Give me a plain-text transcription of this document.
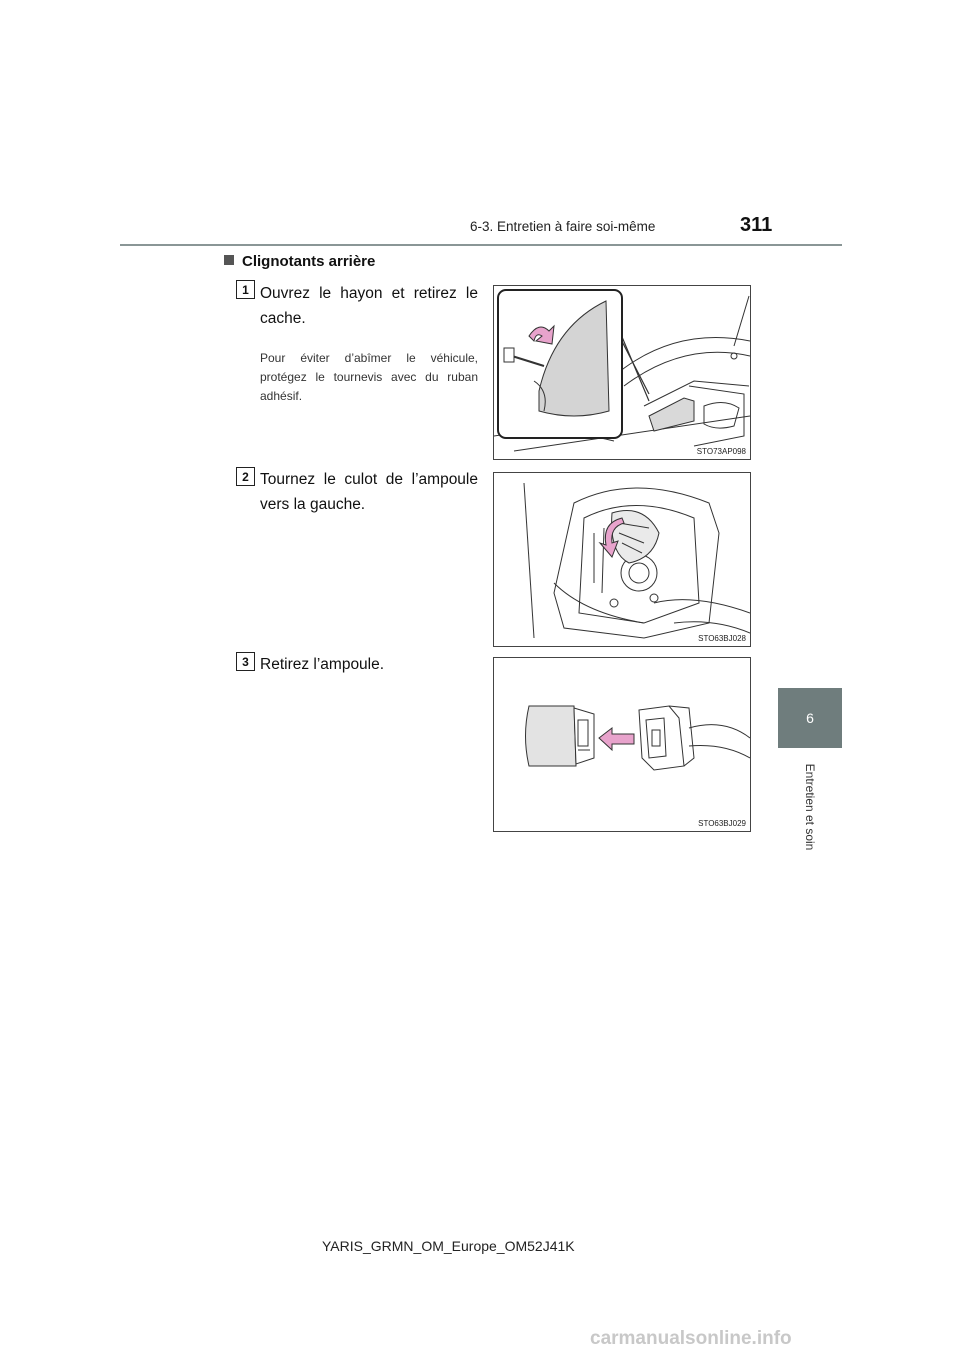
6-3. Entretien à faire soi-même	311
6
Entretien et soin
Clignotants arrière
1 Ouvrez le hayon et retirez le cache.
Pour éviter d’abîmer le véhicule, protégez le tournevis avec du ruban adhésif.
STO73AP098
2 Tournez le culot de l’ampoule vers la gauche.
STO63BJ028
3 Retirez l’ampoule.
STO63BJ029
YARIS_GRMN_OM_Europe_OM52J41K
carmanualsonline.info
